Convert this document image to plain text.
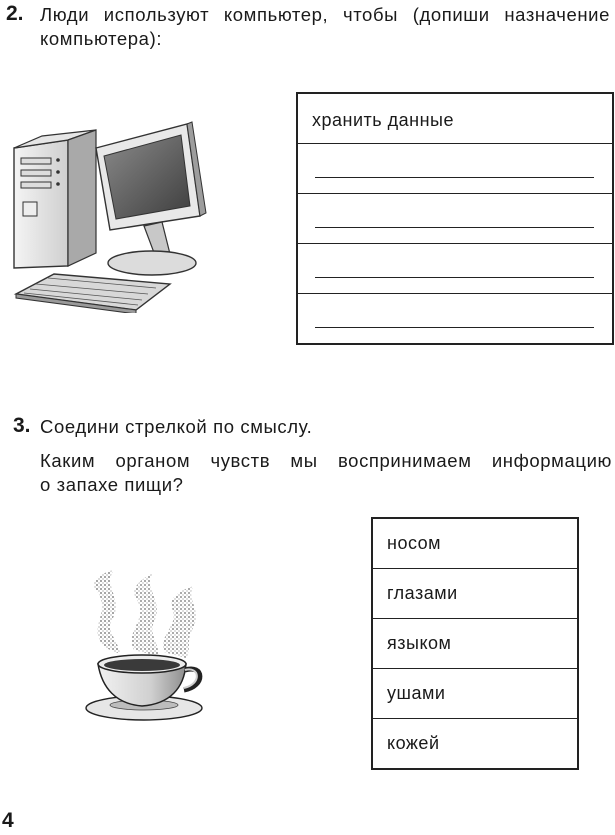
2. Люди используют компьютер, чтобы (допиши назначение
компьютера):
хранить данные
3. Соедини стрелкой по смыслу.
Каким органом чувств мы воспринимаем информацию
о запахе пищи?
носом
глазами
языком
ушами
кожей
4
